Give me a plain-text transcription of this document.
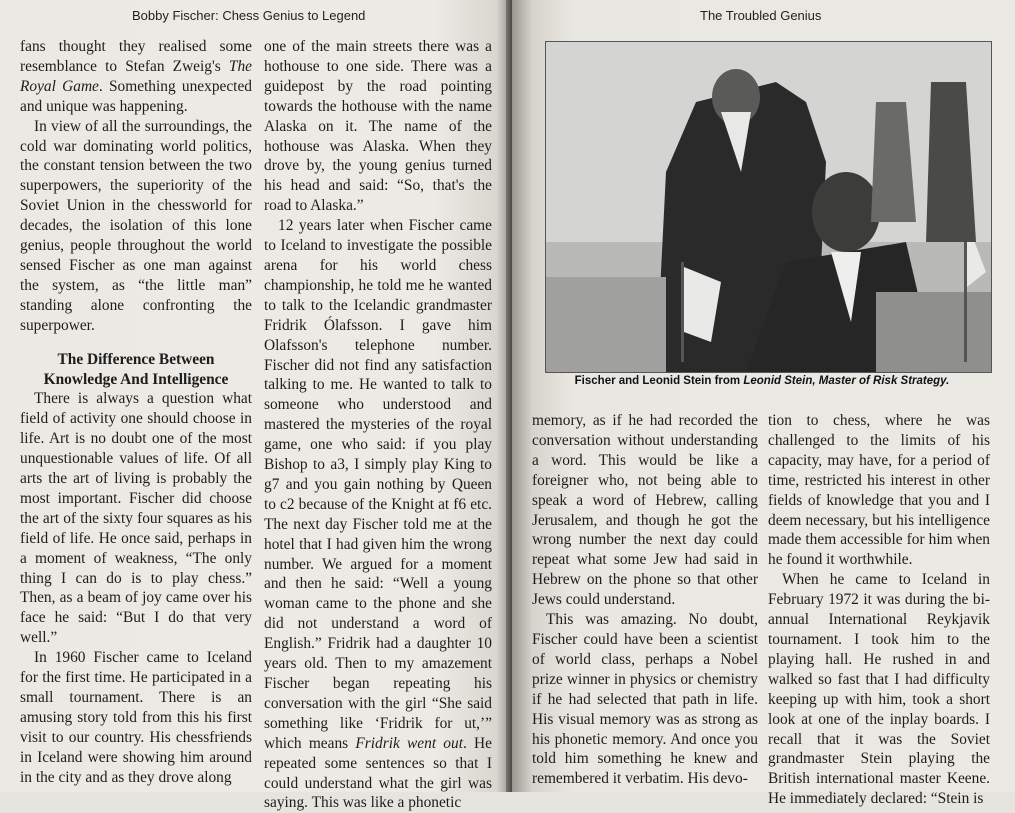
Bobby Fischer: Chess Genius to Legend

fans thought they realised some resemblance to Stefan Zweig's The Royal Game. Something unexpected and unique was happening.

In view of all the surroundings, the cold war dominating world politics, the constant tension between the two superpowers, the superiority of the Soviet Union in the chessworld for decades, the isolation of this lone genius, people throughout the world sensed Fischer as one man against the system, as “the little man” standing alone confronting the superpower.

The Difference Between Knowledge And Intelligence

There is always a question what field of activity one should choose in life. Art is no doubt one of the most unquestionable values of life. Of all arts the art of living is probably the most important. Fischer did choose the art of the sixty four squares as his field of life. He once said, perhaps in a moment of weakness, “The only thing I can do is to play chess.” Then, as a beam of joy came over his face he said: “But I do that very well.”

In 1960 Fischer came to Iceland for the first time. He participated in a small tournament. There is an amusing story told from this his first visit to our country. His chessfriends in Iceland were showing him around in the city and as they drove along

one of the main streets there was a hothouse to one side. There was a guidepost by the road pointing towards the hothouse with the name Alaska on it. The name of the hothouse was Alaska. When they drove by, the young genius turned his head and said: “So, that's the road to Alaska.”

12 years later when Fischer came to Iceland to investigate the possible arena for his world chess championship, he told me he wanted to talk to the Icelandic grandmaster Fridrik Ólafsson. I gave him Olafsson's telephone number. Fischer did not find any satisfaction talking to me. He wanted to talk to someone who understood and mastered the mysteries of the royal game, one who said: if you play Bishop to a3, I simply play King to g7 and you gain nothing by Queen to c2 because of the Knight at f6 etc. The next day Fischer told me at the hotel that I had given him the wrong number. We argued for a moment and then he said: “Well a young woman came to the phone and she did not understand a word of English.” Fridrik had a daughter 10 years old. Then to my amazement Fischer began repeating his conversation with the girl “She said something like ‘Fridrik for ut,’” which means Fridrik went out. He repeated some sentences so that I could understand what the girl was saying. This was like a phonetic

The Troubled Genius
Fischer and Leonid Stein from Leonid Stein, Master of Risk Strategy.

memory, as if he had recorded the conversation without understanding a word. This would be like a foreigner who, not being able to speak a word of Hebrew, calling Jerusalem, and though he got the wrong number the next day could repeat what some Jew had said in Hebrew on the phone so that other Jews could understand.

This was amazing. No doubt, Fischer could have been a scientist of world class, perhaps a Nobel prize winner in physics or chemistry if he had selected that path in life. His visual memory was as strong as his phonetic memory. And once you told him something he knew and remembered it verbatim. His devo-

tion to chess, where he was challenged to the limits of his capacity, may have, for a period of time, restricted his interest in other fields of knowledge that you and I deem necessary, but his intelligence made them accessible for him when he found it worthwhile.

When he came to Iceland in February 1972 it was during the bi-annual International Reykjavik tournament. I took him to the playing hall. He rushed in and walked so fast that I had difficulty keeping up with him, took a short look at one of the inplay boards. I recall that it was the Soviet grandmaster Stein playing the British international master Keene. He immediately declared: “Stein is
